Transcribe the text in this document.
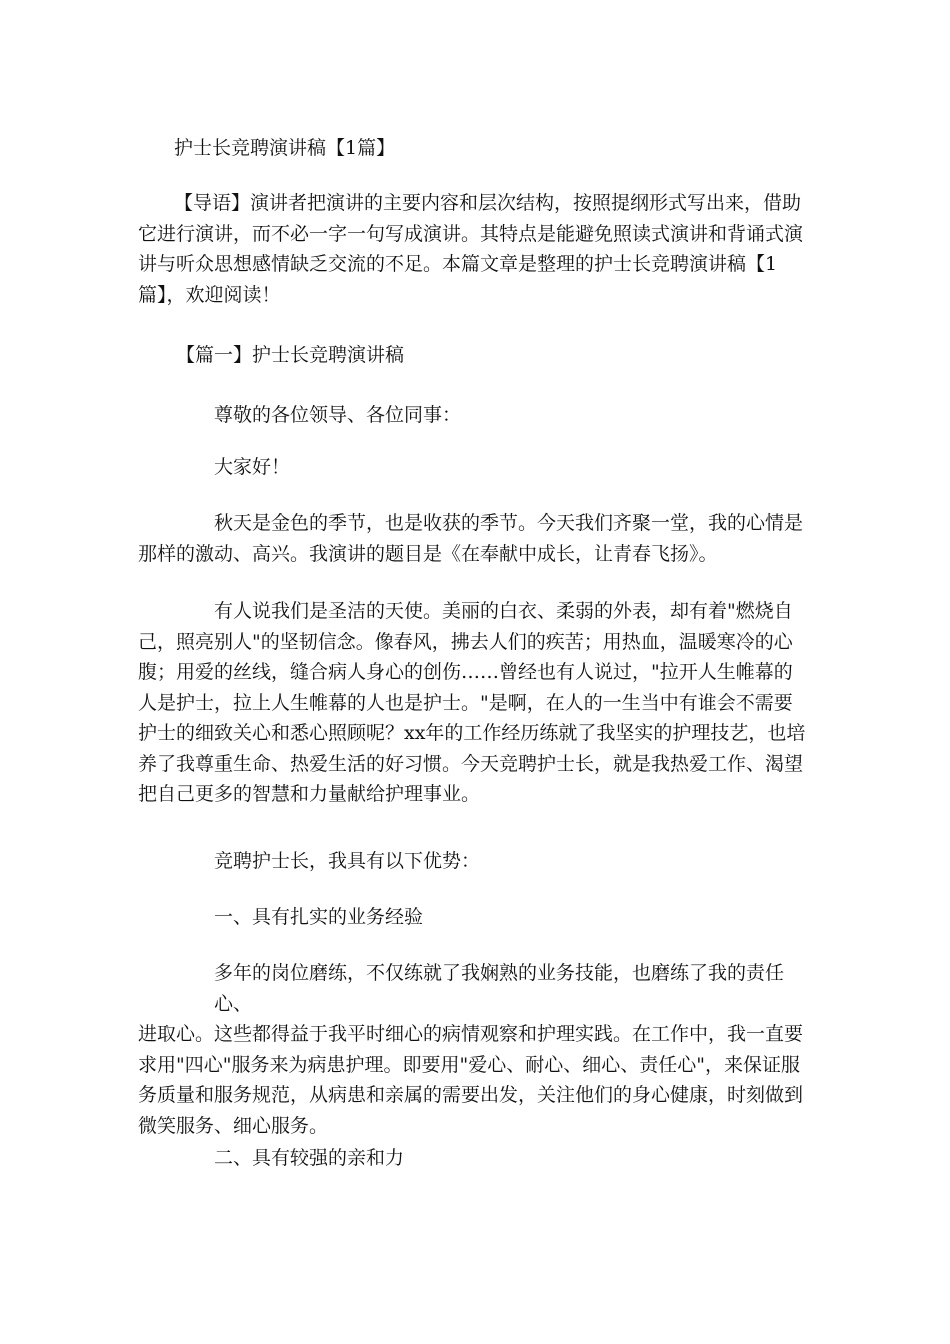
护士长竞聘演讲稿【1篇】

【导语】演讲者把演讲的主要内容和层次结构，按照提纲形式写出来，借助
它进行演讲，而不必一字一句写成演讲。其特点是能避免照读式演讲和背诵式演
讲与听众思想感情缺乏交流的不足。本篇文章是整理的护士长竞聘演讲稿【1
篇】，欢迎阅读！

【篇一】护士长竞聘演讲稿

尊敬的各位领导、各位同事：

大家好！

秋天是金色的季节，也是收获的季节。今天我们齐聚一堂，我的心情是
那样的激动、高兴。我演讲的题目是《在奉献中成长，让青春飞扬》。

有人说我们是圣洁的天使。美丽的白衣、柔弱的外表，却有着"燃烧自
己，照亮别人"的坚韧信念。像春风，拂去人们的疾苦；用热血，温暖寒冷的心
腹；用爱的丝线，缝合病人身心的创伤……曾经也有人说过，"拉开人生帷幕的
人是护士，拉上人生帷幕的人也是护士。"是啊，在人的一生当中有谁会不需要
护士的细致关心和悉心照顾呢？xx年的工作经历练就了我坚实的护理技艺，也培
养了我尊重生命、热爱生活的好习惯。今天竞聘护士长，就是我热爱工作、渴望
把自己更多的智慧和力量献给护理事业。

竞聘护士长，我具有以下优势：

一、具有扎实的业务经验

多年的岗位磨练，不仅练就了我娴熟的业务技能，也磨练了我的责任心、
进取心。这些都得益于我平时细心的病情观察和护理实践。在工作中，我一直要
求用"四心"服务来为病患护理。即要用"爱心、耐心、细心、责任心"，来保证服
务质量和服务规范，从病患和亲属的需要出发，关注他们的身心健康，时刻做到
微笑服务、细心服务。

二、具有较强的亲和力
